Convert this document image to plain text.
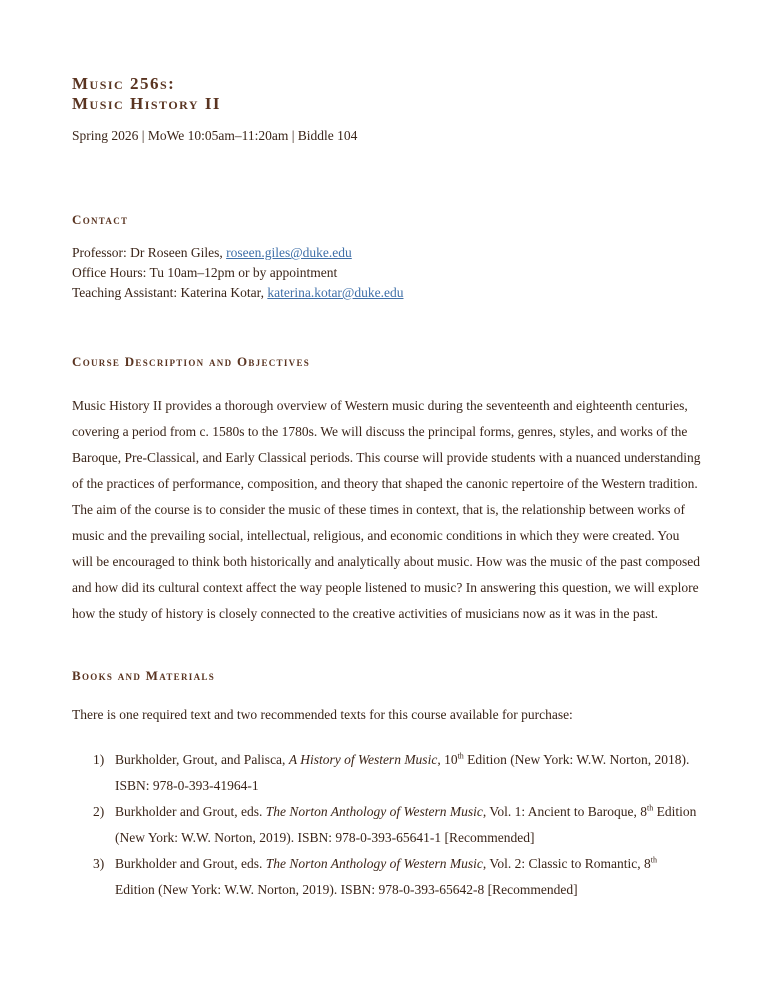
Music 256s:
Music History II

Spring 2026 | MoWe 10:05am–11:20am | Biddle 104

Contact
Professor: Dr Roseen Giles, roseen.giles@duke.edu
Office Hours: Tu 10am–12pm or by appointment
Teaching Assistant: Katerina Kotar, katerina.kotar@duke.edu
Course Description and Objectives

Music History II provides a thorough overview of Western music during the seventeenth and eighteenth centuries, covering a period from c. 1580s to the 1780s. We will discuss the principal forms, genres, styles, and works of the Baroque, Pre-Classical, and Early Classical periods. This course will provide students with a nuanced understanding of the practices of performance, composition, and theory that shaped the canonic repertoire of the Western tradition. The aim of the course is to consider the music of these times in context, that is, the relationship between works of music and the prevailing social, intellectual, religious, and economic conditions in which they were created. You will be encouraged to think both historically and analytically about music. How was the music of the past composed and how did its cultural context affect the way people listened to music? In answering this question, we will explore how the study of history is closely connected to the creative activities of musicians now as it was in the past.

Books and Materials

There is one required text and two recommended texts for this course available for purchase:

1) Burkholder, Grout, and Palisca, A History of Western Music, 10th Edition (New York: W.W. Norton, 2018). ISBN: 978-0-393-41964-1
2) Burkholder and Grout, eds. The Norton Anthology of Western Music, Vol. 1: Ancient to Baroque, 8th Edition (New York: W.W. Norton, 2019). ISBN: 978-0-393-65641-1 [Recommended]
3) Burkholder and Grout, eds. The Norton Anthology of Western Music, Vol. 2: Classic to Romantic, 8th Edition (New York: W.W. Norton, 2019). ISBN: 978-0-393-65642-8 [Recommended]
